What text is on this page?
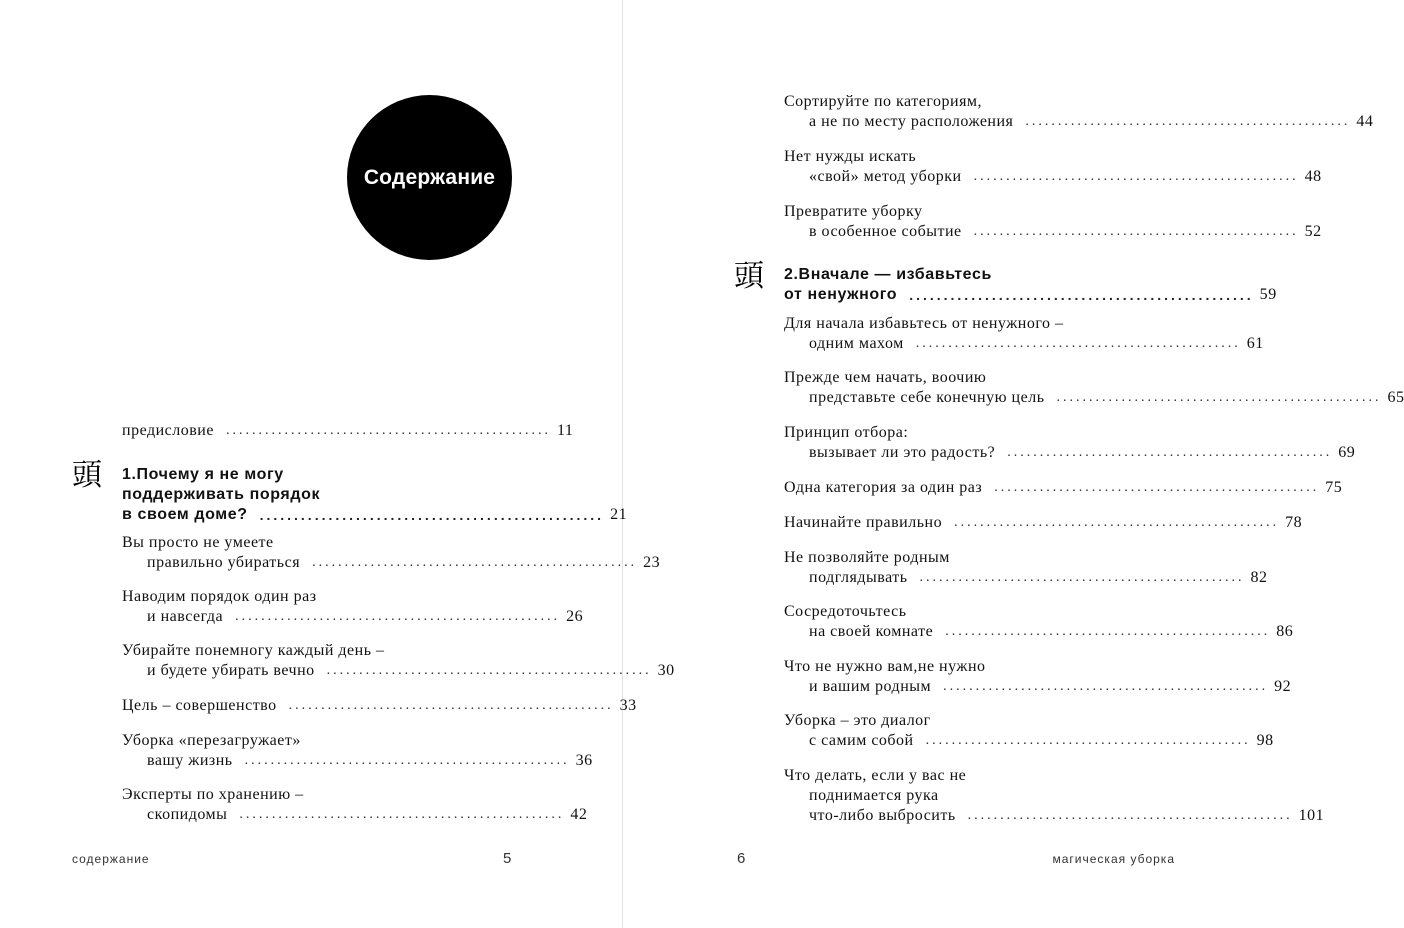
Содержание
предисловие .................................................. 11
頭 1.Почему я не могу
поддерживать порядок
в своем доме? .................................................. 21
Вы просто не умеете
правильно убираться .................................................. 23
Наводим порядок один раз
и навсегда .................................................. 26
Убирайте понемногу каждый день –
и будете убирать вечно .................................................. 30
Цель – совершенство .................................................. 33
Уборка «перезагружает»
вашу жизнь .................................................. 36
Эксперты по хранению –
скопидомы .................................................. 42
содержание	5
Сортируйте по категориям,
а не по месту расположения .................................................. 44
Нет нужды искать
«свой» метод уборки .................................................. 48
Превратите уборку
в особенное событие .................................................. 52
頭 2.Вначале — избавьтесь
от ненужного .................................................. 59
Для начала избавьтесь от ненужного –
одним махом .................................................. 61
Прежде чем начать, воочию
представьте себе конечную цель .................................................. 65
Принцип отбора:
вызывает ли это радость? .................................................. 69
Одна категория за один раз .................................................. 75
Начинайте правильно .................................................. 78
Не позволяйте родным
подглядывать .................................................. 82
Сосредоточьтесь
на своей комнате .................................................. 86
Что не нужно вам,не нужно
и вашим родным .................................................. 92
Уборка – это диалог
с самим собой .................................................. 98
Что делать, если у вас не
поднимается рука
что-либо выбросить .................................................. 101
6	магическая уборка
